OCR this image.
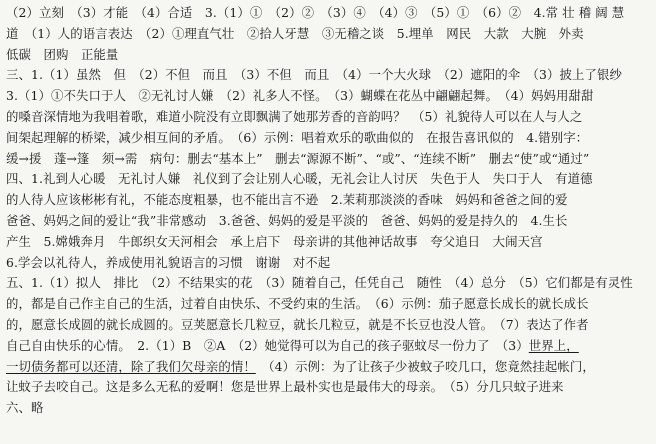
（2）立刻　（3）才能　（4）合适　3.（1）①　（2）②　（3）④　（4）③　（5）①　（6）②　4.常 壮 稽 阔 慧
道　（1）人的语言表达　（2）①理直气壮　②拾人牙慧　③无稽之谈　5.埋单　网民　大款　大腕　外卖
低碳　团购　正能量
三、1.（1）虽然　但　（2）不但　而且　（3）不但　而且　（4）一个大火球　（2）遮阳的伞　（3）披上了银纱
3.（1）①不失口于人　②无礼讨人嫌　（2）礼多人不怪。　（3）蝴蝶在花丛中翩翩起舞。　（4）妈妈用甜甜
的嗓音深情地为我唱着歌，难道小院没有立即飘满了她那芳香的音韵吗？　（5）礼貌待人可以在人与人之
间架起理解的桥梁，减少相互间的矛盾。　（6）示例：唱着欢乐的歌曲似的　在报告喜讯似的　4.错别字：
缓→援　蓬→篷　须→需　病句：删去“基本上”　删去“源源不断”、“或”、“连续不断”　删去“使”或“通过”
四、1.礼到人心暖　无礼讨人嫌　礼仪到了会让别人心暖，无礼会让人讨厌　失色于人　失口于人　有道德
的人待人应该彬彬有礼，不能态度粗暴，也不能出言不逊　2.茉莉那淡淡的香味　妈妈和爸爸之间的爱
爸爸、妈妈之间的爱让“我”非常感动　3.爸爸、妈妈的爱是平淡的　爸爸、妈妈的爱是持久的　4.生长
产生　5.嫦娥奔月　牛郎织女天河相会　承上启下　母亲讲的其他神话故事　夸父追日　大闹天宫
6.学会以礼待人，养成使用礼貌语言的习惯　谢谢　对不起
五、1.（1）拟人　排比　（2）不结果实的花　（3）随着自己，任凭自己　随性　（4）总分　（5）它们都是有灵性
的，都是自己作主自己的生活，过着自由快乐、不受约束的生活。　（6）示例：茄子愿意长成长的就长成长
的，愿意长成圆的就长成圆的。豆荚愿意长几粒豆，就长几粒豆，就是不长豆也没人管。　（7）表达了作者
自己自由快乐的心情。　2.（1）B　②A　（2）她觉得可以为自己的孩子驱蚊尽一份力了　（3）世界上，
一切债务都可以还清，除了我们欠母亲的情！　（4）示例：为了让孩子少被蚊子咬几口，您竟然挂起帐门，
让蚊子去咬自己。这是多么无私的爱啊！您是世界上最朴实也是最伟大的母亲。　（5）分几只蚊子进来
六、略
